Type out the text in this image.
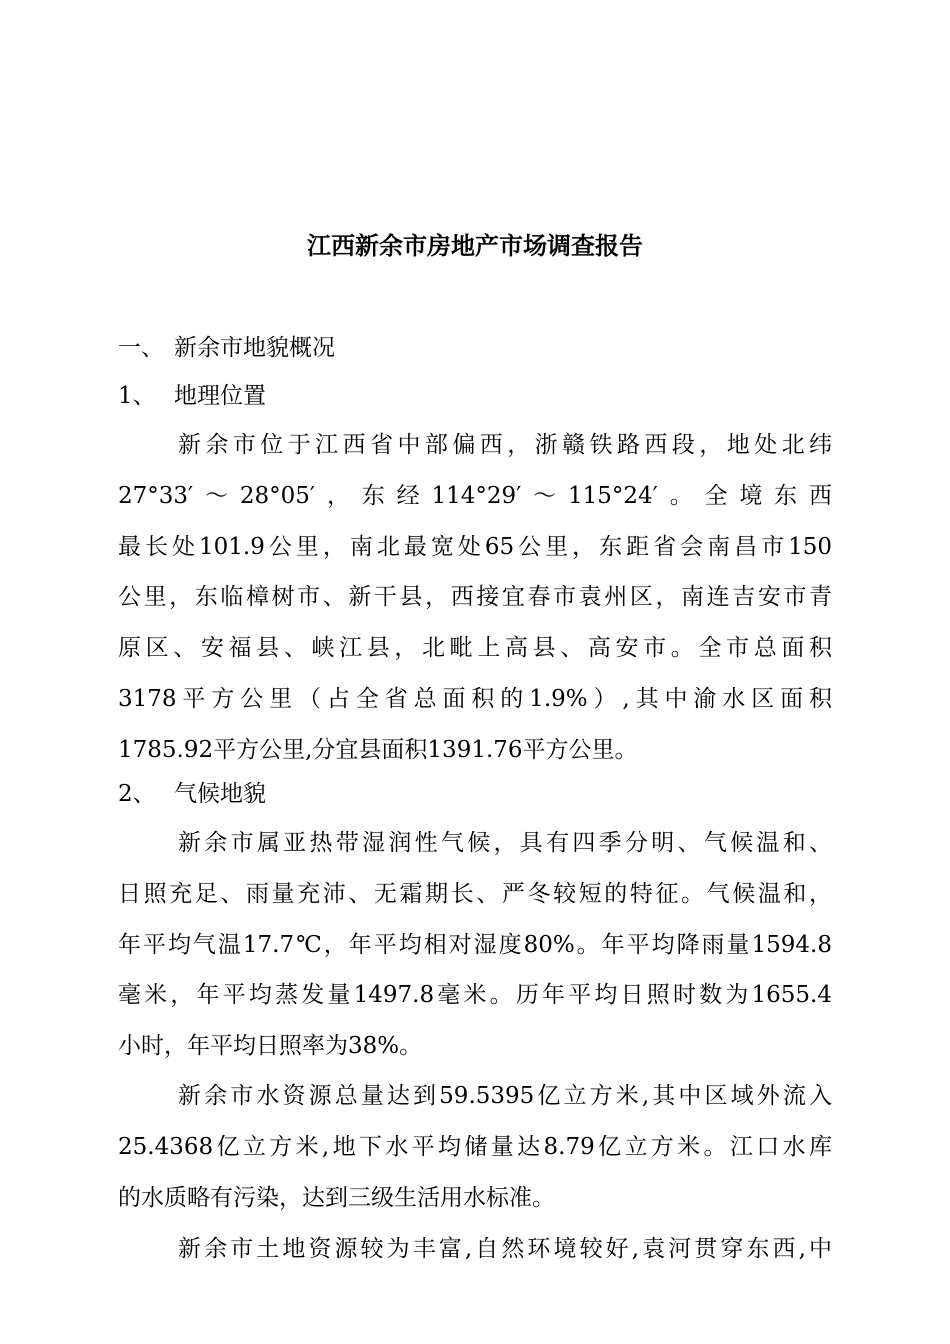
江西新余市房地产市场调查报告
一、 新余市地貌概况
1、 地理位置
新余市位于江西省中部偏西，浙赣铁路西段，地处北纬
27°33′～28°05′，东经114°29′～115°24′。全境东西
最长处101.9公里，南北最宽处65公里，东距省会南昌市150
公里，东临樟树市、新干县，西接宜春市袁州区，南连吉安市青
原区、安福县、峡江县，北毗上高县、高安市。全市总面积
3178平方公里（占全省总面积的1.9%）,其中渝水区面积
1785.92平方公里,分宜县面积1391.76平方公里。
2、 气候地貌
新余市属亚热带湿润性气候，具有四季分明、气候温和、
日照充足、雨量充沛、无霜期长、严冬较短的特征。气候温和，
年平均气温17.7℃，年平均相对湿度80%。年平均降雨量1594.8
毫米，年平均蒸发量1497.8毫米。历年平均日照时数为1655.4
小时，年平均日照率为38%。
新余市水资源总量达到59.5395亿立方米,其中区域外流入
25.4368亿立方米,地下水平均储量达8.79亿立方米。江口水库
的水质略有污染，达到三级生活用水标准。
新余市土地资源较为丰富,自然环境较好,袁河贯穿东西,中
